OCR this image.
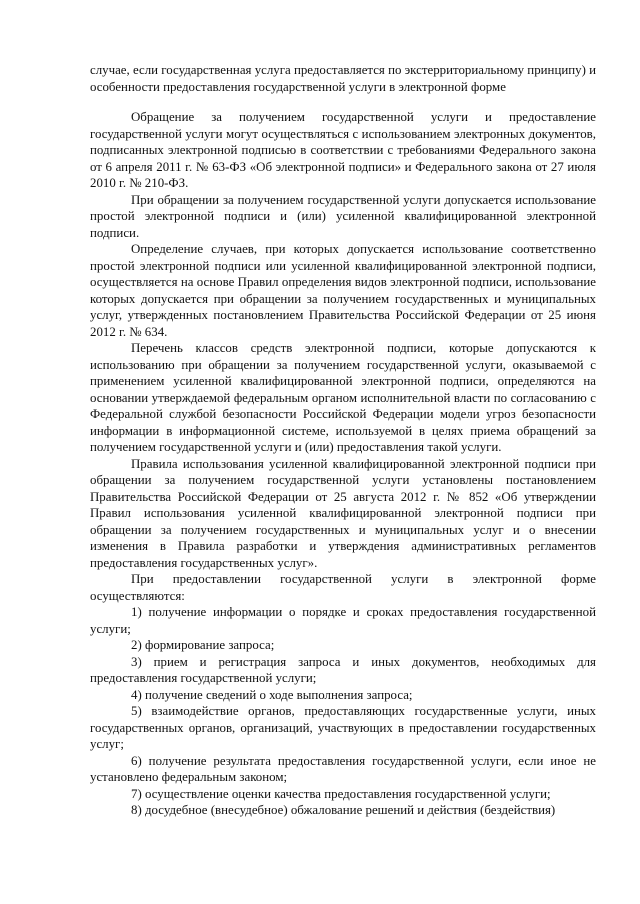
случае, если государственная услуга предоставляется по экстерриториальному принципу) и особенности предоставления государственной услуги в электронной форме

Обращение за получением государственной услуги и предоставление государственной услуги могут осуществляться с использованием электронных документов, подписанных электронной подписью в соответствии с требованиями Федерального закона от 6 апреля 2011 г. № 63-ФЗ «Об электронной подписи» и Федерального закона от 27 июля 2010 г. № 210-ФЗ.

При обращении за получением государственной услуги допускается использование простой электронной подписи и (или) усиленной квалифицированной электронной подписи.

Определение случаев, при которых допускается использование соответственно простой электронной подписи или усиленной квалифицированной электронной подписи, осуществляется на основе Правил определения видов электронной подписи, использование которых допускается при обращении за получением государственных и муниципальных услуг, утвержденных постановлением Правительства Российской Федерации от 25 июня 2012 г. № 634.

Перечень классов средств электронной подписи, которые допускаются к использованию при обращении за получением государственной услуги, оказываемой с применением усиленной квалифицированной электронной подписи, определяются на основании утверждаемой федеральным органом исполнительной власти по согласованию с Федеральной службой безопасности Российской Федерации модели угроз безопасности информации в информационной системе, используемой в целях приема обращений за получением государственной услуги и (или) предоставления такой услуги.

Правила использования усиленной квалифицированной электронной подписи при обращении за получением государственной услуги установлены постановлением Правительства Российской Федерации от 25 августа 2012 г. № 852 «Об утверждении Правил использования усиленной квалифицированной электронной подписи при обращении за получением государственных и муниципальных услуг и о внесении изменения в Правила разработки и утверждения административных регламентов предоставления государственных услуг».

При предоставлении государственной услуги в электронной форме осуществляются:

1) получение информации о порядке и сроках предоставления государственной услуги;

2) формирование запроса;

3) прием и регистрация запроса и иных документов, необходимых для предоставления государственной услуги;

4) получение сведений о ходе выполнения запроса;

5) взаимодействие органов, предоставляющих государственные услуги, иных государственных органов, организаций, участвующих в предоставлении государственных услуг;

6) получение результата предоставления государственной услуги, если иное не установлено федеральным законом;

7) осуществление оценки качества предоставления государственной услуги;

8) досудебное (внесудебное) обжалование решений и действия (бездействия)
